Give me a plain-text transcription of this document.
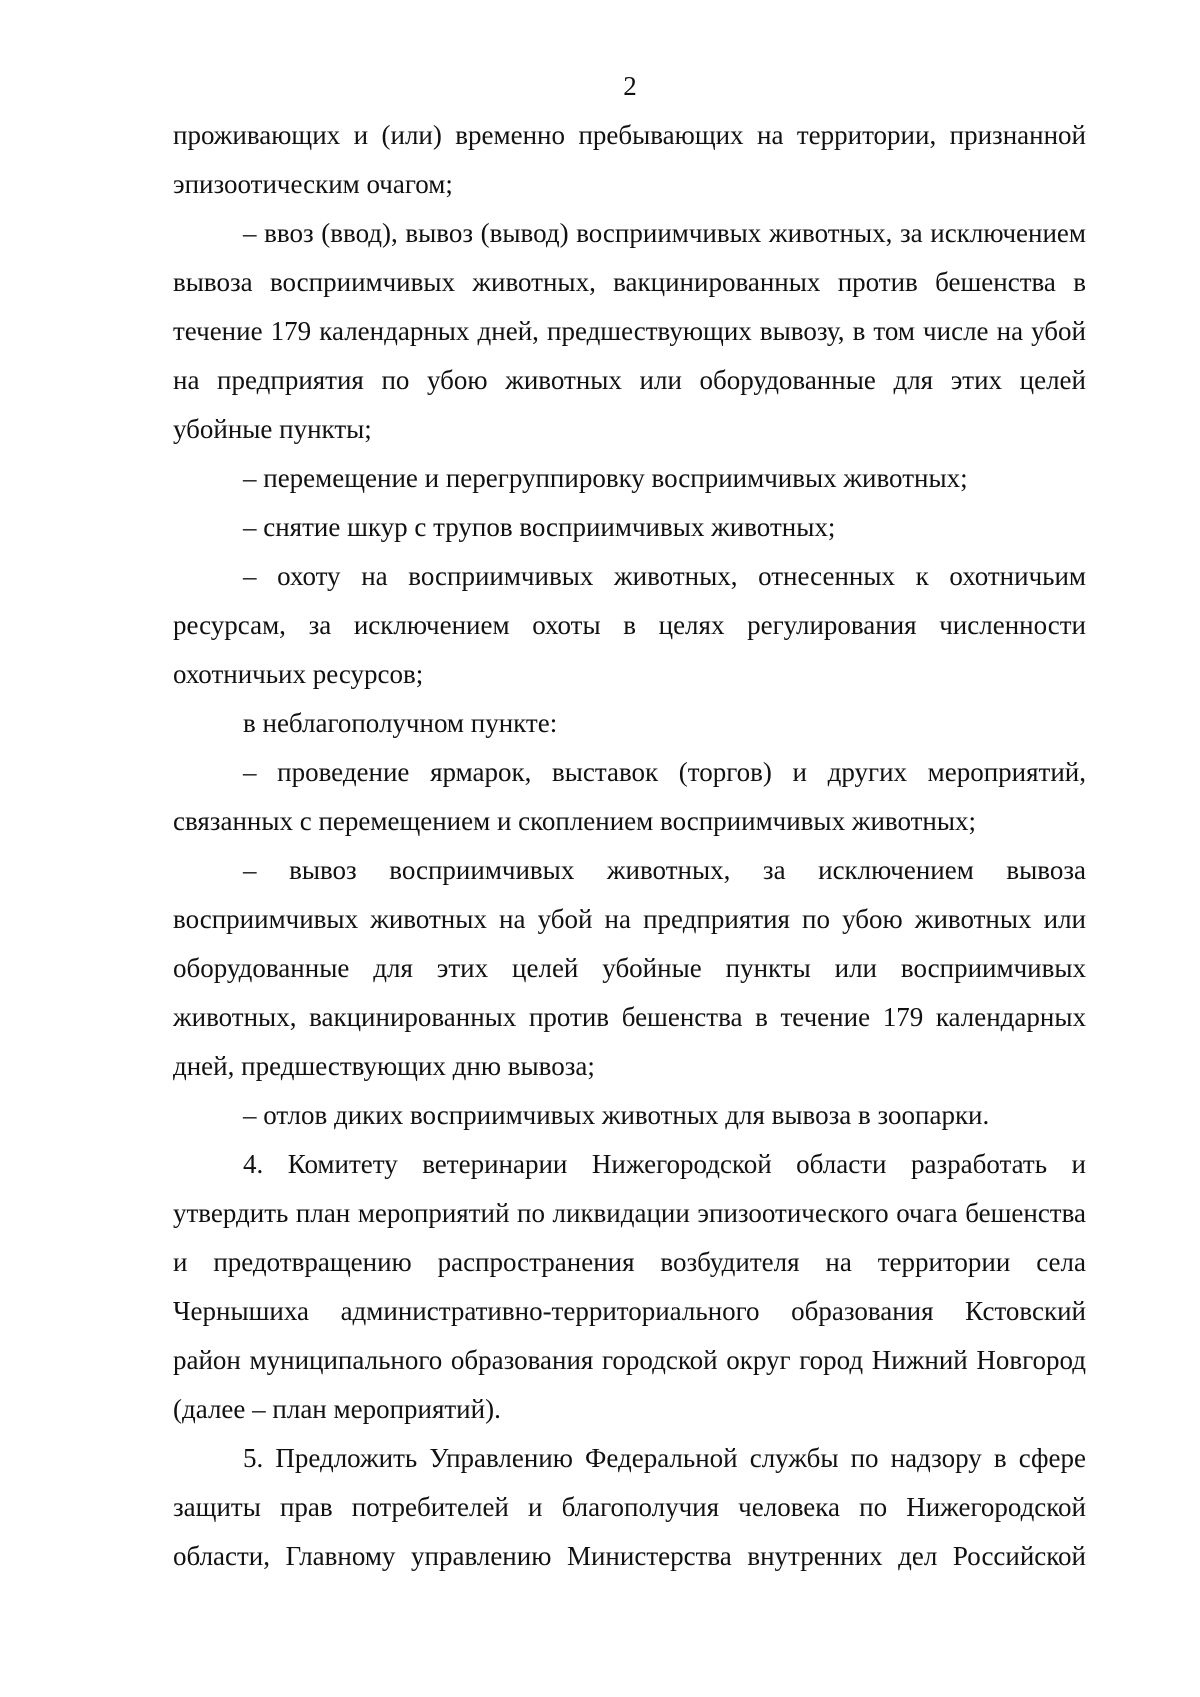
2

проживающих и (или) временно пребывающих на территории, признанной эпизоотическим очагом;

– ввоз (ввод), вывоз (вывод) восприимчивых животных, за исключением вывоза восприимчивых животных, вакцинированных против бешенства в течение 179 календарных дней, предшествующих вывозу, в том числе на убой на предприятия по убою животных или оборудованные для этих целей убойные пункты;

– перемещение и перегруппировку восприимчивых животных;

– снятие шкур с трупов восприимчивых животных;

– охоту на восприимчивых животных, отнесенных к охотничьим ресурсам, за исключением охоты в целях регулирования численности охотничьих ресурсов;

в неблагополучном пункте:

– проведение ярмарок, выставок (торгов) и других мероприятий, связанных с перемещением и скоплением восприимчивых животных;

– вывоз восприимчивых животных, за исключением вывоза восприимчивых животных на убой на предприятия по убою животных или оборудованные для этих целей убойные пункты или восприимчивых животных, вакцинированных против бешенства в течение 179 календарных дней, предшествующих дню вывоза;

– отлов диких восприимчивых животных для вывоза в зоопарки.

4. Комитету ветеринарии Нижегородской области разработать и утвердить план мероприятий по ликвидации эпизоотического очага бешенства и предотвращению распространения возбудителя на территории села Чернышиха административно-территориального образования Кстовский район муниципального образования городской округ город Нижний Новгород (далее – план мероприятий).

5. Предложить Управлению Федеральной службы по надзору в сфере защиты прав потребителей и благополучия человека по Нижегородской области, Главному управлению Министерства внутренних дел Российской
